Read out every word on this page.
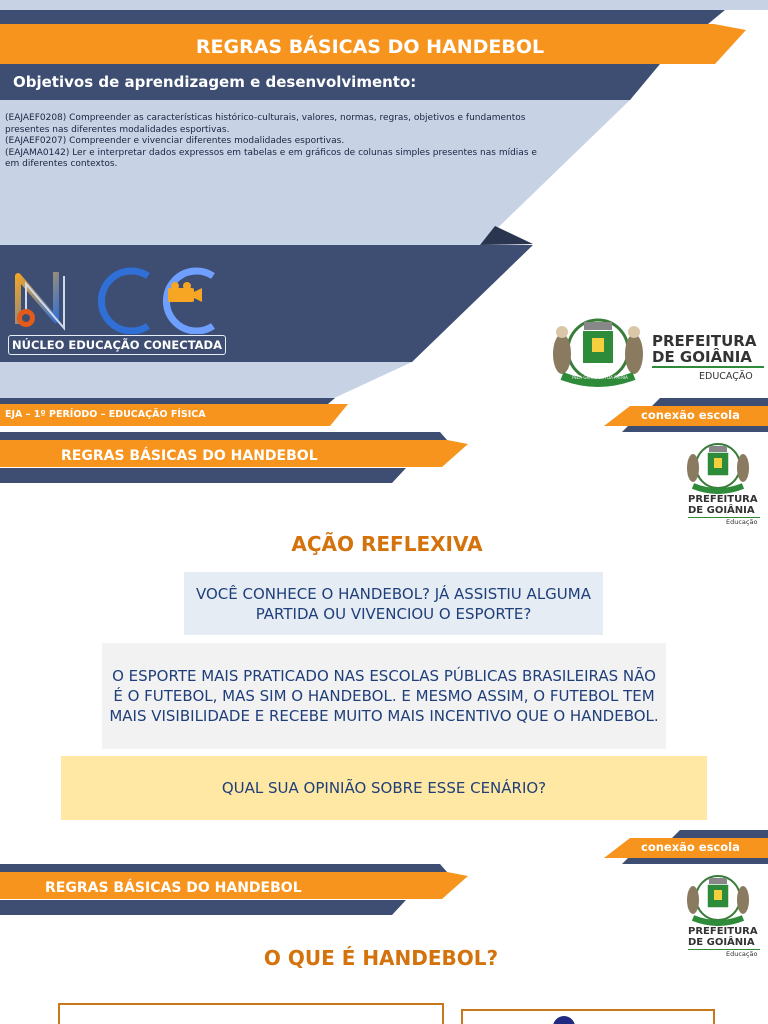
REGRAS BÁSICAS DO HANDEBOL
Objetivos de aprendizagem e desenvolvimento:
(EAJAEF0208) Compreender as características histórico-culturais, valores, normas, regras, objetivos e fundamentos presentes nas diferentes modalidades esportivas.
(EAJAEF0207) Compreender e vivenciar diferentes modalidades esportivas.
(EAJAMA0142) Ler e interpretar dados expressos em tabelas e em gráficos de colunas simples presentes nas mídias e em diferentes contextos.
NÚCLEO EDUCAÇÃO CONECTADA
PELA GRANDEZA DA PÁTRIA
PREFEITURA
DE GOIÂNIA
EDUCAÇÃO
EJA – 1º PERÍODO – EDUCAÇÃO FÍSICA	conexão escola
REGRAS BÁSICAS DO HANDEBOL
PREFEITURA
DE GOIÂNIA
Educação
AÇÃO REFLEXIVA
VOCÊ CONHECE O HANDEBOL? JÁ ASSISTIU ALGUMA PARTIDA OU VIVENCIOU O ESPORTE?
O ESPORTE MAIS PRATICADO NAS ESCOLAS PÚBLICAS BRASILEIRAS NÃO É O FUTEBOL, MAS SIM O HANDEBOL. E MESMO ASSIM, O FUTEBOL TEM MAIS VISIBILIDADE E RECEBE MUITO MAIS INCENTIVO QUE O HANDEBOL.
QUAL SUA OPINIÃO SOBRE ESSE CENÁRIO?
conexão escola
REGRAS BÁSICAS DO HANDEBOL
PREFEITURA
DE GOIÂNIA
Educação
O QUE É HANDEBOL?
